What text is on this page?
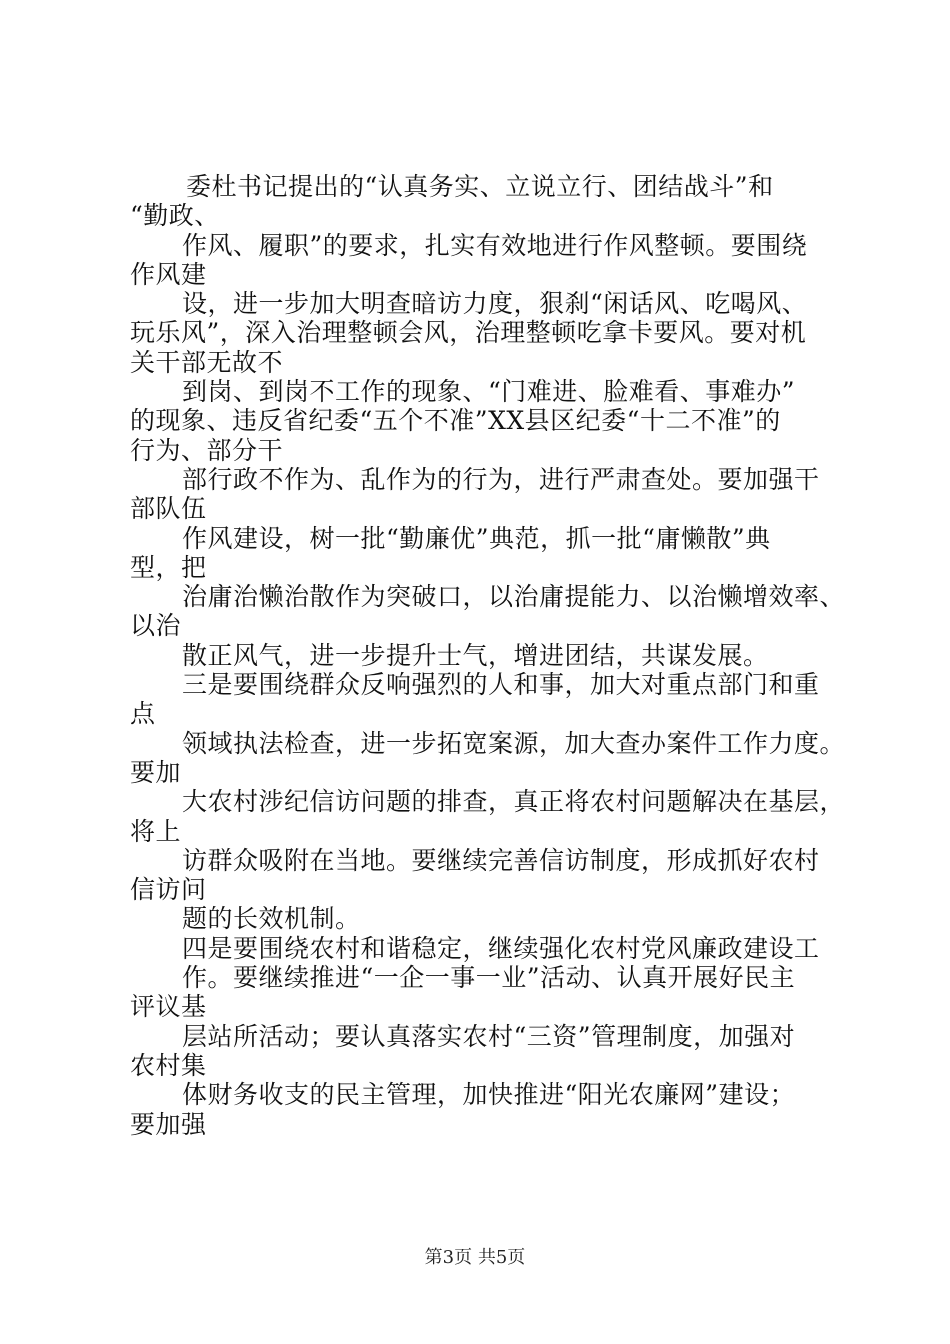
委杜书记提出的“认真务实、立说立行、团结战斗”和
“勤政、
作风、履职”的要求，扎实有效地进行作风整顿。要围绕
作风建
设，进一步加大明查暗访力度，狠刹“闲话风、吃喝风、
玩乐风”，深入治理整顿会风，治理整顿吃拿卡要风。要对机
关干部无故不
到岗、到岗不工作的现象、“门难进、脸难看、事难办”
的现象、违反省纪委“五个不准”XX县区纪委“十二不准”的
行为、部分干
部行政不作为、乱作为的行为，进行严肃查处。要加强干
部队伍
作风建设，树一批“勤廉优”典范，抓一批“庸懒散”典
型，把
治庸治懒治散作为突破口，以治庸提能力、以治懒增效率、
以治
散正风气，进一步提升士气，增进团结，共谋发展。
三是要围绕群众反响强烈的人和事，加大对重点部门和重
点
领域执法检查，进一步拓宽案源，加大查办案件工作力度。
要加
大农村涉纪信访问题的排查，真正将农村问题解决在基层，
将上
访群众吸附在当地。要继续完善信访制度，形成抓好农村
信访问
题的长效机制。
四是要围绕农村和谐稳定，继续强化农村党风廉政建设工
作。要继续推进“一企一事一业”活动、认真开展好民主
评议基
层站所活动；要认真落实农村“三资”管理制度，加强对
农村集
体财务收支的民主管理，加快推进“阳光农廉网”建设；
要加强
第3页 共5页
